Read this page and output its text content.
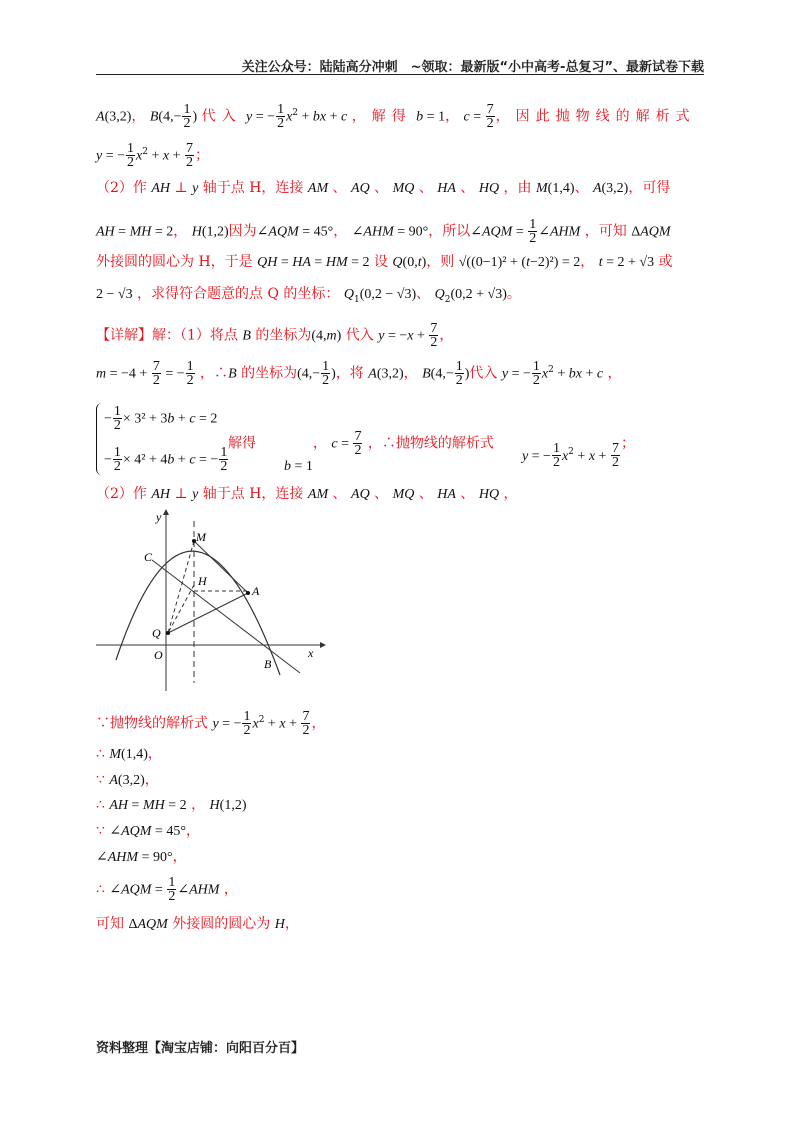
关注公众号：陆陆高分冲刺　~领取：最新版“小中高考-总复习”、最新试卷下载
A(3,2)， $B(4,- \frac{1}{2}$ ) 代入 y = − $\frac{1}{2} x^2$ + bx + c ，解得 b = 1， $c = \frac{7}{2}$ ，因此抛物线的解析式
y = − $\frac{1}{2} x^2 + x + \frac{7}{2}$ ；
（2）作 AH ⊥ y 轴于点 H，连接 AM 、 AQ 、 MQ 、 HA 、 HQ ，由 M(1,4)、 A(3,2)，可得
AH = MH = 2， H(1,2)因为∠AQM = 45°， ∠AHM = 90°，所以∠AQM = $\frac{1}{2}$ ∠AHM ，可知 ΔAQM
外接圆的圆心为 H，于是 QH = HA = HM = 2 设 Q(0,t)，则 √((0−1)² + (t−2)²) = 2， t = 2 + √3 或
2 − √3 ，求得符合题意的点 Q 的坐标： $Q_1(0,2 - √3)$、 $Q_2(0,2 + √3)$。
【详解】解：（1）将点 B 的坐标为(4,m) 代入 $y = -x + \frac{7}{2}$ ，
$m = -4 + \frac{7}{2}$ = − $\frac{1}{2}$ ，∴B 的坐标为($4,- \frac{1}{2}$ )，将 A(3,2)， $B(4,- \frac{1}{2}$ )代入 y = − $\frac{1}{2} x^2$ + bx + c ，
− $\frac{1}{2} \times 3^2 + 3b + c = 2$
− $\frac{1}{2} \times 4^2 + 4b + c$ = − $\frac{1}{2}$
解得　　b = 1， $c = \frac{7}{2}$ ，∴抛物线的解析式　　y = − $\frac{1}{2} x^2 + x + \frac{7}{2}$ ；
（2）作 AH ⊥ y 轴于点 H，连接 AM 、 AQ 、 MQ 、 HA 、 HQ ，
y
x
O
C
M
H
A
Q
B
∵抛物线的解析式 y = − $\frac{1}{2} x^2 + x + \frac{7}{2}$ ，
∴ M(1,4)，
∵ A(3,2)，
∴ AH = MH = 2 ， H(1,2)
∵ ∠AQM = 45°，
∠AHM = 90°，
∴ ∠AQM = $\frac{1}{2}$ ∠AHM ，
可知 ΔAQM 外接圆的圆心为 H，
资料整理【淘宝店铺：向阳百分百】
